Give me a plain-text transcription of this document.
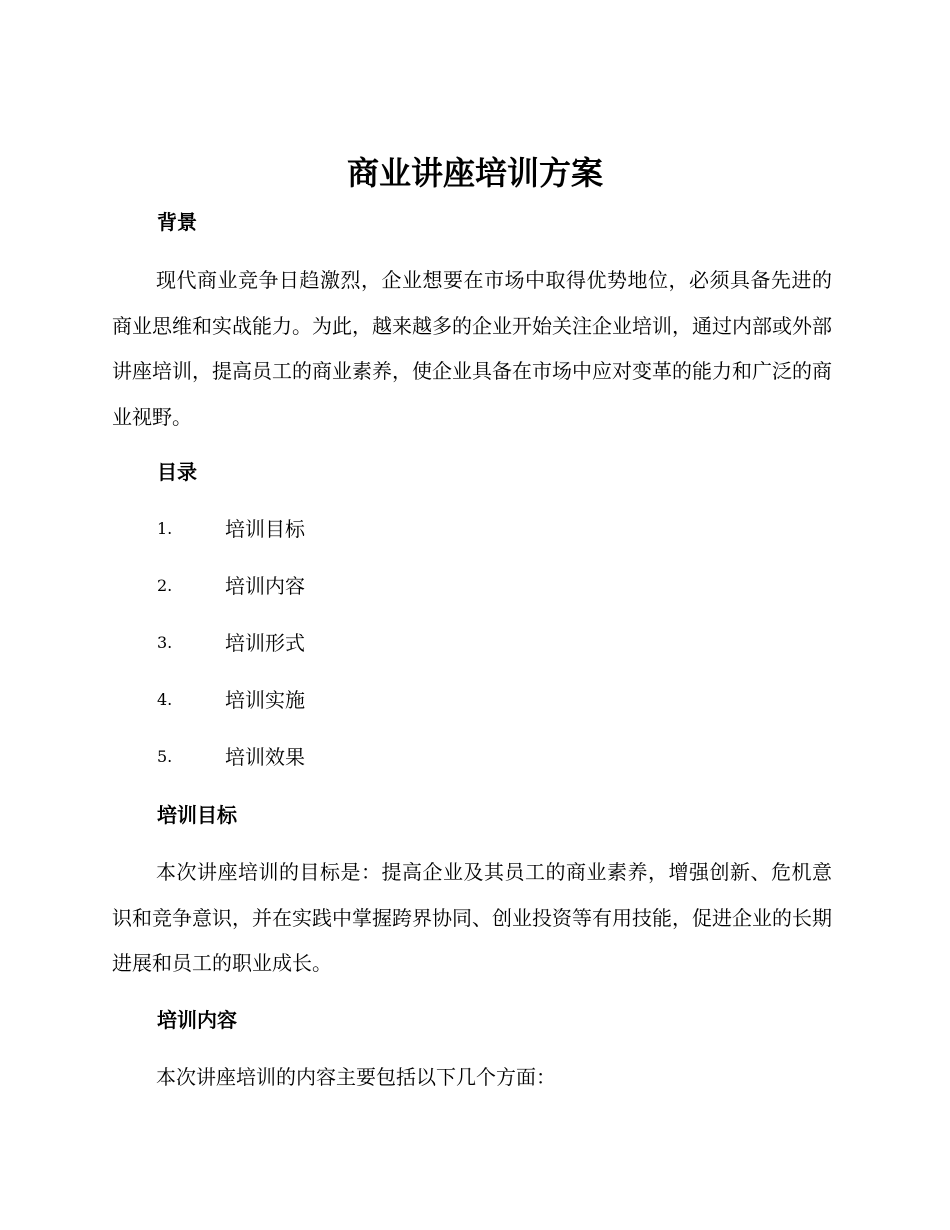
商业讲座培训方案
背景
现代商业竞争日趋激烈，企业想要在市场中取得优势地位，必须具备先进的商业思维和实战能力。为此，越来越多的企业开始关注企业培训，通过内部或外部讲座培训，提高员工的商业素养，使企业具备在市场中应对变革的能力和广泛的商业视野。
目录
1.	培训目标
2.	培训内容
3.	培训形式
4.	培训实施
5.	培训效果
培训目标
本次讲座培训的目标是：提高企业及其员工的商业素养，增强创新、危机意识和竞争意识，并在实践中掌握跨界协同、创业投资等有用技能，促进企业的长期进展和员工的职业成长。
培训内容
本次讲座培训的内容主要包括以下几个方面：
